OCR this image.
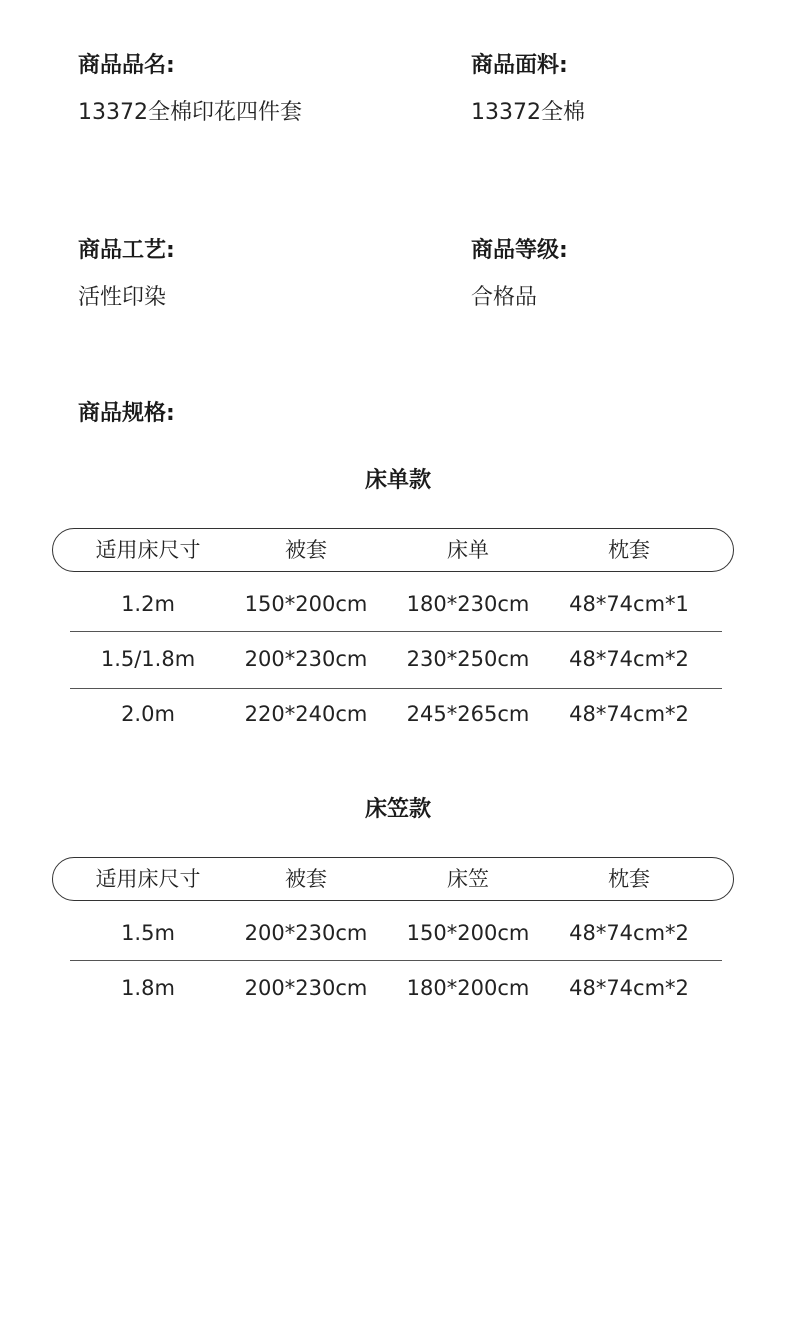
商品品名:
13372全棉印花四件套
商品面料:
13372全棉
商品工艺:
活性印染
商品等级:
合格品
商品规格:
床单款
适用床尺寸	被套	床单	枕套
1.2m	150*200cm	180*230cm	48*74cm*1
1.5/1.8m	200*230cm	230*250cm	48*74cm*2
2.0m	220*240cm	245*265cm	48*74cm*2
床笠款
适用床尺寸	被套	床笠	枕套
1.5m	200*230cm	150*200cm	48*74cm*2
1.8m	200*230cm	180*200cm	48*74cm*2
